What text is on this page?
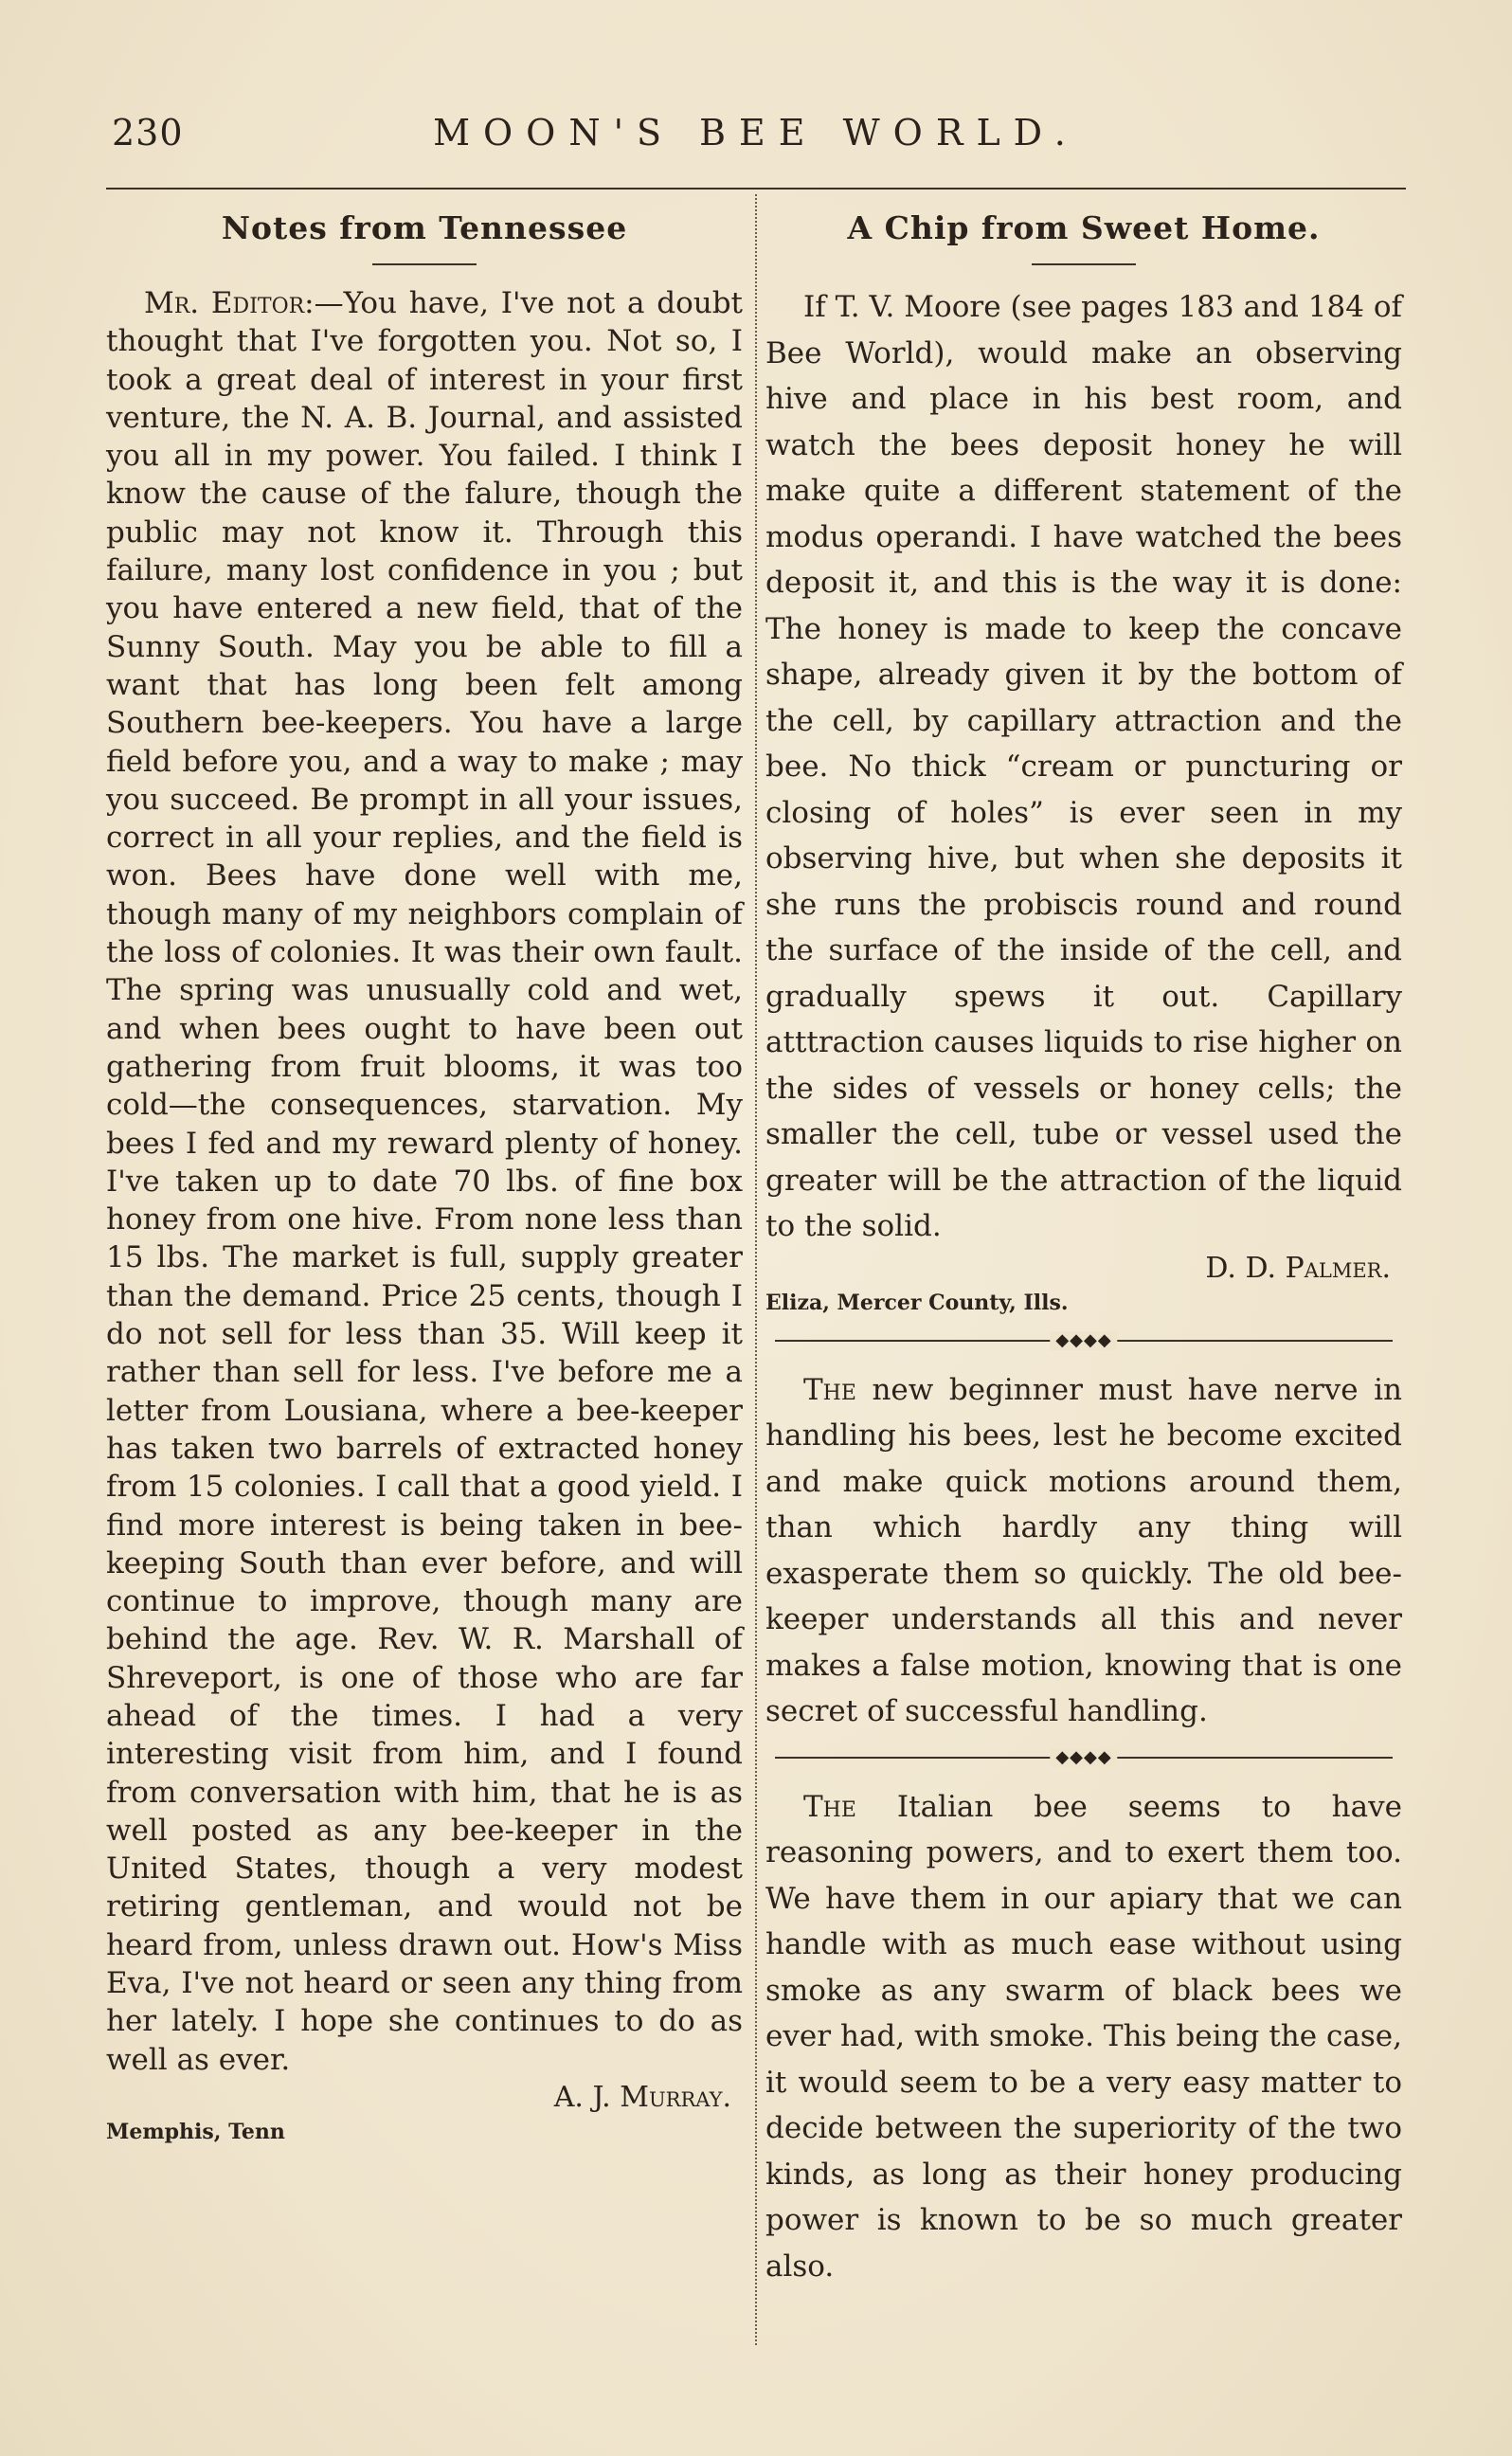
230	MOON'S BEE WORLD.
Notes from Tennessee

Mr. Editor:—You have, I've not a doubt thought that I've forgotten you. Not so, I took a great deal of interest in your first venture, the N. A. B. Journal, and assisted you all in my power. You failed. I think I know the cause of the falure, though the public may not know it. Through this failure, many lost confidence in you ; but you have entered a new field, that of the Sunny South. May you be able to fill a want that has long been felt among Southern bee-keepers. You have a large field before you, and a way to make ; may you succeed. Be prompt in all your issues, correct in all your replies, and the field is won. Bees have done well with me, though many of my neighbors complain of the loss of colonies. It was their own fault. The spring was unusually cold and wet, and when bees ought to have been out gathering from fruit blooms, it was too cold—the consequences, starvation. My bees I fed and my reward plenty of honey. I've taken up to date 70 lbs. of fine box honey from one hive. From none less than 15 lbs. The market is full, supply greater than the demand. Price 25 cents, though I do not sell for less than 35. Will keep it rather than sell for less. I've before me a letter from Lousiana, where a bee-keeper has taken two barrels of extracted honey from 15 colonies. I call that a good yield. I find more interest is being taken in bee-keeping South than ever before, and will continue to improve, though many are behind the age. Rev. W. R. Marshall of Shreveport, is one of those who are far ahead of the times. I had a very interesting visit from him, and I found from conversation with him, that he is as well posted as any bee-keeper in the United States, though a very modest retiring gentleman, and would not be heard from, unless drawn out. How's Miss Eva, I've not heard or seen any thing from her lately. I hope she continues to do as well as ever.

A. J. Murray.

Memphis, Tenn

A Chip from Sweet Home.

If T. V. Moore (see pages 183 and 184 of Bee World), would make an observing hive and place in his best room, and watch the bees deposit honey he will make quite a different statement of the modus operandi. I have watched the bees deposit it, and this is the way it is done: The honey is made to keep the concave shape, already given it by the bottom of the cell, by capillary attraction and the bee. No thick “cream or puncturing or closing of holes” is ever seen in my observing hive, but when she deposits it she runs the probiscis round and round the surface of the inside of the cell, and gradually spews it out. Capillary atttraction causes liquids to rise higher on the sides of vessels or honey cells; the smaller the cell, tube or vessel used the greater will be the attraction of the liquid to the solid.

D. D. Palmer.

Eliza, Mercer County, Ills.

◆◆◆◆

The new beginner must have nerve in handling his bees, lest he become excited and make quick motions around them, than which hardly any thing will exasperate them so quickly. The old bee-keeper understands all this and never makes a false motion, knowing that is one secret of successful handling.

◆◆◆◆

The Italian bee seems to have reasoning powers, and to exert them too. We have them in our apiary that we can handle with as much ease without using smoke as any swarm of black bees we ever had, with smoke. This being the case, it would seem to be a very easy matter to decide between the superiority of the two kinds, as long as their honey producing power is known to be so much greater also.
